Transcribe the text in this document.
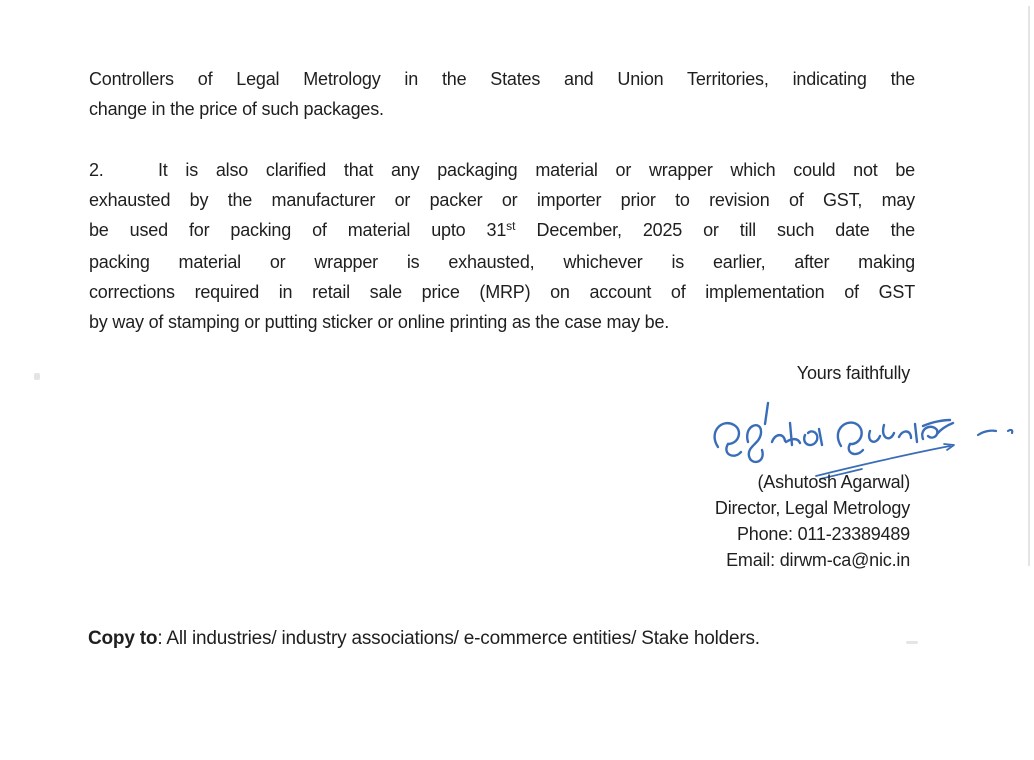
Controllers of Legal Metrology in the States and Union Territories, indicating the
change in the price of such packages.
2.	It is also clarified that any packaging material or wrapper which could not be
exhausted by the manufacturer or packer or importer prior to revision of GST, may
be used for packing of material upto 31st December, 2025 or till such date the
packing material or wrapper is exhausted, whichever is earlier, after making
corrections required in retail sale price (MRP) on account of implementation of GST
by way of stamping or putting sticker or online printing as the case may be.
Yours faithfully
(Ashutosh Agarwal)
Director, Legal Metrology
Phone: 011-23389489
Email: dirwm-ca@nic.in
Copy to: All industries/ industry associations/ e-commerce entities/ Stake holders.
